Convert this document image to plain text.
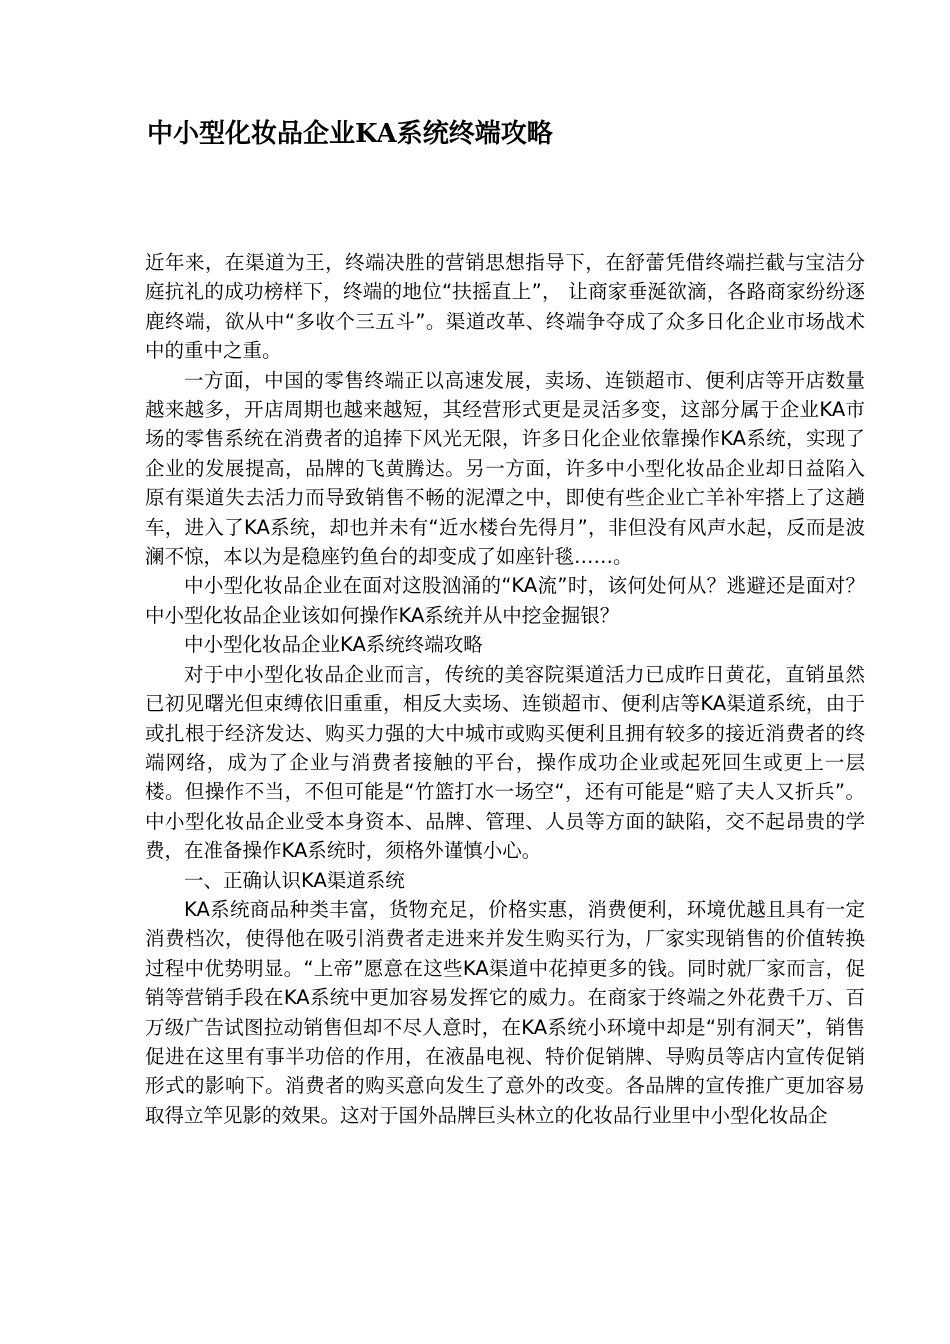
中小型化妆品企业KA系统终端攻略

近年来，在渠道为王，终端决胜的营销思想指导下，在舒蕾凭借终端拦截与宝洁分庭抗礼的成功榜样下，终端的地位“扶摇直上”， 让商家垂涎欲滴，各路商家纷纷逐鹿终端，欲从中“多收个三五斗”。渠道改革、终端争夺成了众多日化企业市场战术中的重中之重。

一方面，中国的零售终端正以高速发展，卖场、连锁超市、便利店等开店数量越来越多，开店周期也越来越短，其经营形式更是灵活多变，这部分属于企业KA市场的零售系统在消费者的追捧下风光无限，许多日化企业依靠操作KA系统，实现了企业的发展提高，品牌的飞黄腾达。另一方面，许多中小型化妆品企业却日益陷入原有渠道失去活力而导致销售不畅的泥潭之中，即使有些企业亡羊补牢搭上了这趟车，进入了KA系统，却也并未有“近水楼台先得月”，非但没有风声水起，反而是波澜不惊，本以为是稳座钓鱼台的却变成了如座针毯……。

中小型化妆品企业在面对这股汹涌的“KA流”时，该何处何从？逃避还是面对？中小型化妆品企业该如何操作KA系统并从中挖金掘银？

中小型化妆品企业KA系统终端攻略

对于中小型化妆品企业而言，传统的美容院渠道活力已成昨日黄花，直销虽然已初见曙光但束缚依旧重重，相反大卖场、连锁超市、便利店等KA渠道系统，由于或扎根于经济发达、购买力强的大中城市或购买便利且拥有较多的接近消费者的终端网络，成为了企业与消费者接触的平台，操作成功企业或起死回生或更上一层楼。但操作不当，不但可能是“竹篮打水一场空“，还有可能是“赔了夫人又折兵”。 中小型化妆品企业受本身资本、品牌、管理、人员等方面的缺陷，交不起昂贵的学费，在准备操作KA系统时，须格外谨慎小心。

一、正确认识KA渠道系统

KA系统商品种类丰富，货物充足，价格实惠，消费便利，环境优越且具有一定消费档次，使得他在吸引消费者走进来并发生购买行为，厂家实现销售的价值转换过程中优势明显。“上帝”愿意在这些KA渠道中花掉更多的钱。同时就厂家而言，促销等营销手段在KA系统中更加容易发挥它的威力。在商家于终端之外花费千万、百万级广告试图拉动销售但却不尽人意时，在KA系统小环境中却是“别有洞天”，销售促进在这里有事半功倍的作用，在液晶电视、特价促销牌、导购员等店内宣传促销形式的影响下。消费者的购买意向发生了意外的改变。各品牌的宣传推广更加容易取得立竿见影的效果。这对于国外品牌巨头林立的化妆品行业里中小型化妆品企
